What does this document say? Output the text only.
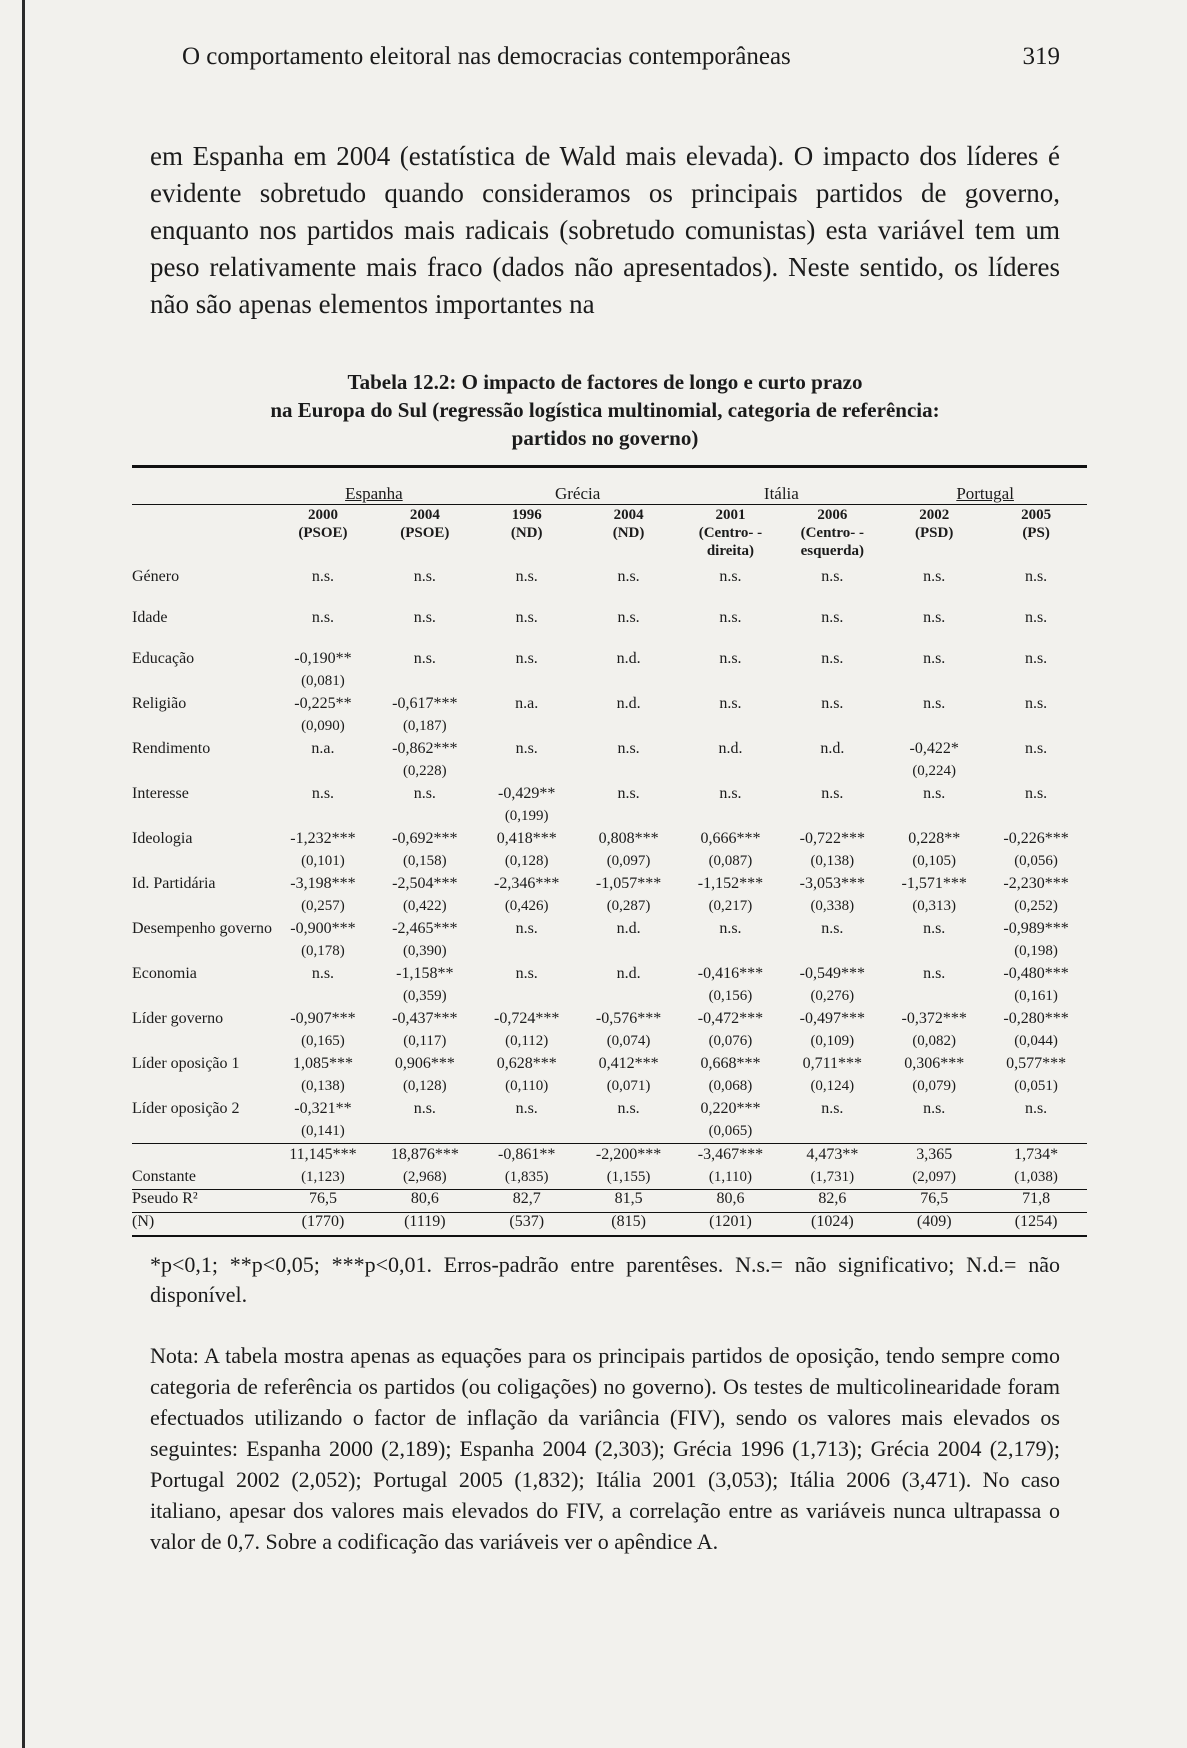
O comportamento eleitoral nas democracias contemporâneas	319

em Espanha em 2004 (estatística de Wald mais elevada). O impacto dos líderes é evidente sobretudo quando consideramos os principais partidos de governo, enquanto nos partidos mais radicais (sobretudo comunistas) esta variável tem um peso relativamente mais fraco (dados não apresentados). Neste sentido, os líderes não são apenas elementos importantes na

Tabela 12.2: O impacto de factores de longo e curto prazo
na Europa do Sul (regressão logística multinomial, categoria de referência:
partidos no governo)

	Espanha		Grécia		Itália		Portugal	
	2000	2004	1996	2004	2001	2006	2002	2005
	(PSOE)	(PSOE)	(ND)	(ND)	(Centro- -direita)	(Centro- -esquerda)	(PSD)	(PS)
Género	n.s.	n.s.	n.s.	n.s.	n.s.	n.s.	n.s.	n.s.

Idade	n.s.	n.s.	n.s.	n.s.	n.s.	n.s.	n.s.	n.s.

Educação	-0,190**	n.s.	n.s.	n.d.	n.s.	n.s.	n.s.	n.s.
	(0,081)							
Religião	-0,225**	-0,617***	n.a.	n.d.	n.s.	n.s.	n.s.	n.s.
	(0,090)	(0,187)						
Rendimento	n.a.	-0,862***	n.s.	n.s.	n.d.	n.d.	-0,422*	n.s.
		(0,228)					(0,224)	
Interesse	n.s.	n.s.	-0,429**	n.s.	n.s.	n.s.	n.s.	n.s.
			(0,199)					
Ideologia	-1,232***	-0,692***	0,418***	0,808***	0,666***	-0,722***	0,228**	-0,226***
	(0,101)	(0,158)	(0,128)	(0,097)	(0,087)	(0,138)	(0,105)	(0,056)
Id. Partidária	-3,198***	-2,504***	-2,346***	-1,057***	-1,152***	-3,053***	-1,571***	-2,230***
	(0,257)	(0,422)	(0,426)	(0,287)	(0,217)	(0,338)	(0,313)	(0,252)
Desempenho governo	-0,900***	-2,465***	n.s.	n.d.	n.s.	n.s.	n.s.	-0,989***
	(0,178)	(0,390)						(0,198)
Economia	n.s.	-1,158**	n.s.	n.d.	-0,416***	-0,549***	n.s.	-0,480***
		(0,359)			(0,156)	(0,276)		(0,161)
Líder governo	-0,907***	-0,437***	-0,724***	-0,576***	-0,472***	-0,497***	-0,372***	-0,280***
	(0,165)	(0,117)	(0,112)	(0,074)	(0,076)	(0,109)	(0,082)	(0,044)
Líder oposição 1	1,085***	0,906***	0,628***	0,412***	0,668***	0,711***	0,306***	0,577***
	(0,138)	(0,128)	(0,110)	(0,071)	(0,068)	(0,124)	(0,079)	(0,051)
Líder oposição 2	-0,321**	n.s.	n.s.	n.s.	0,220***	n.s.	n.s.	n.s.
	(0,141)				(0,065)			
	11,145***	18,876***	-0,861**	-2,200***	-3,467***	4,473**	3,365	1,734*
Constante	(1,123)	(2,968)	(1,835)	(1,155)	(1,110)	(1,731)	(2,097)	(1,038)
Pseudo R²	76,5	80,6	82,7	81,5	80,6	82,6	76,5	71,8
(N)	(1770)	(1119)	(537)	(815)	(1201)	(1024)	(409)	(1254)

*p<0,1; **p<0,05; ***p<0,01. Erros-padrão entre parentêses. N.s.= não significativo; N.d.= não disponível.

Nota: A tabela mostra apenas as equações para os principais partidos de oposição, tendo sempre como categoria de referência os partidos (ou coligações) no governo). Os testes de multicolinearidade foram efectuados utilizando o factor de inflação da variância (FIV), sendo os valores mais elevados os seguintes: Espanha 2000 (2,189); Espanha 2004 (2,303); Grécia 1996 (1,713); Grécia 2004 (2,179); Portugal 2002 (2,052); Portugal 2005 (1,832); Itália 2001 (3,053); Itália 2006 (3,471). No caso italiano, apesar dos valores mais elevados do FIV, a correlação entre as variáveis nunca ultrapassa o valor de 0,7. Sobre a codificação das variáveis ver o apêndice A.
